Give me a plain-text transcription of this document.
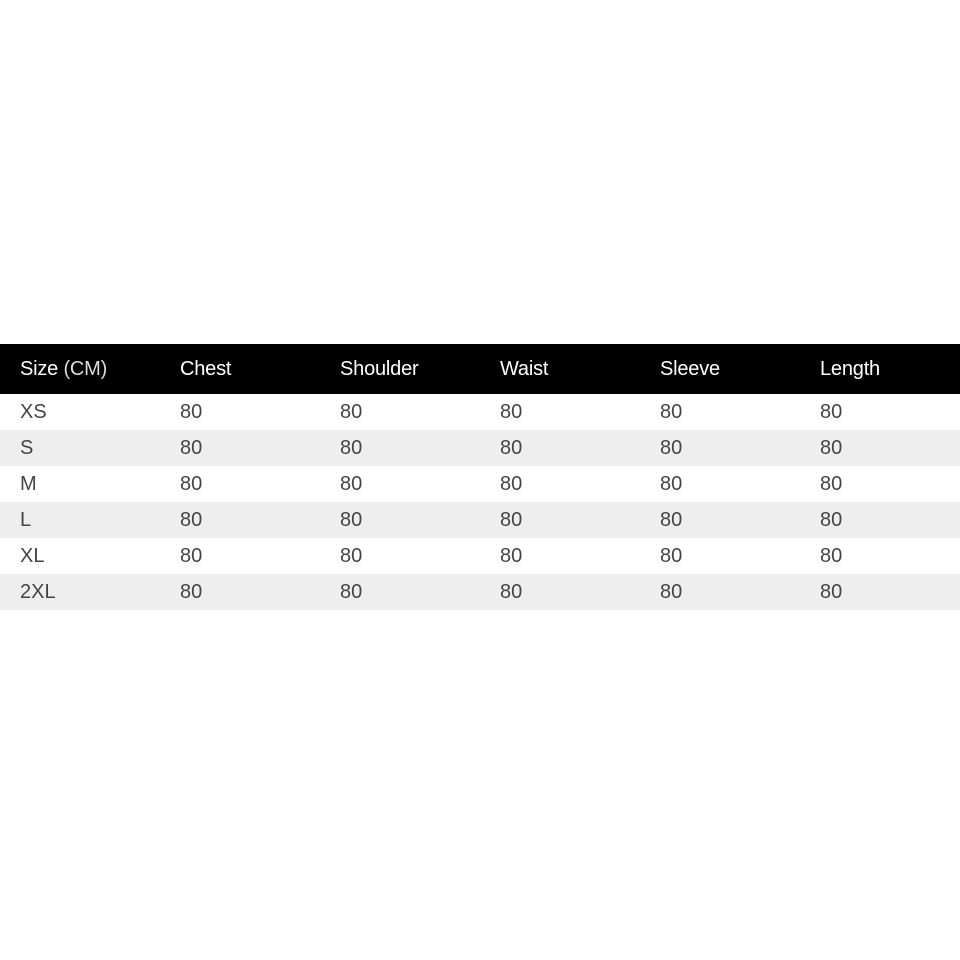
Size (CM)	Chest	Shoulder	Waist	Sleeve	Length
XS	80	80	80	80	80
S	80	80	80	80	80
M	80	80	80	80	80
L	80	80	80	80	80
XL	80	80	80	80	80
2XL	80	80	80	80	80
